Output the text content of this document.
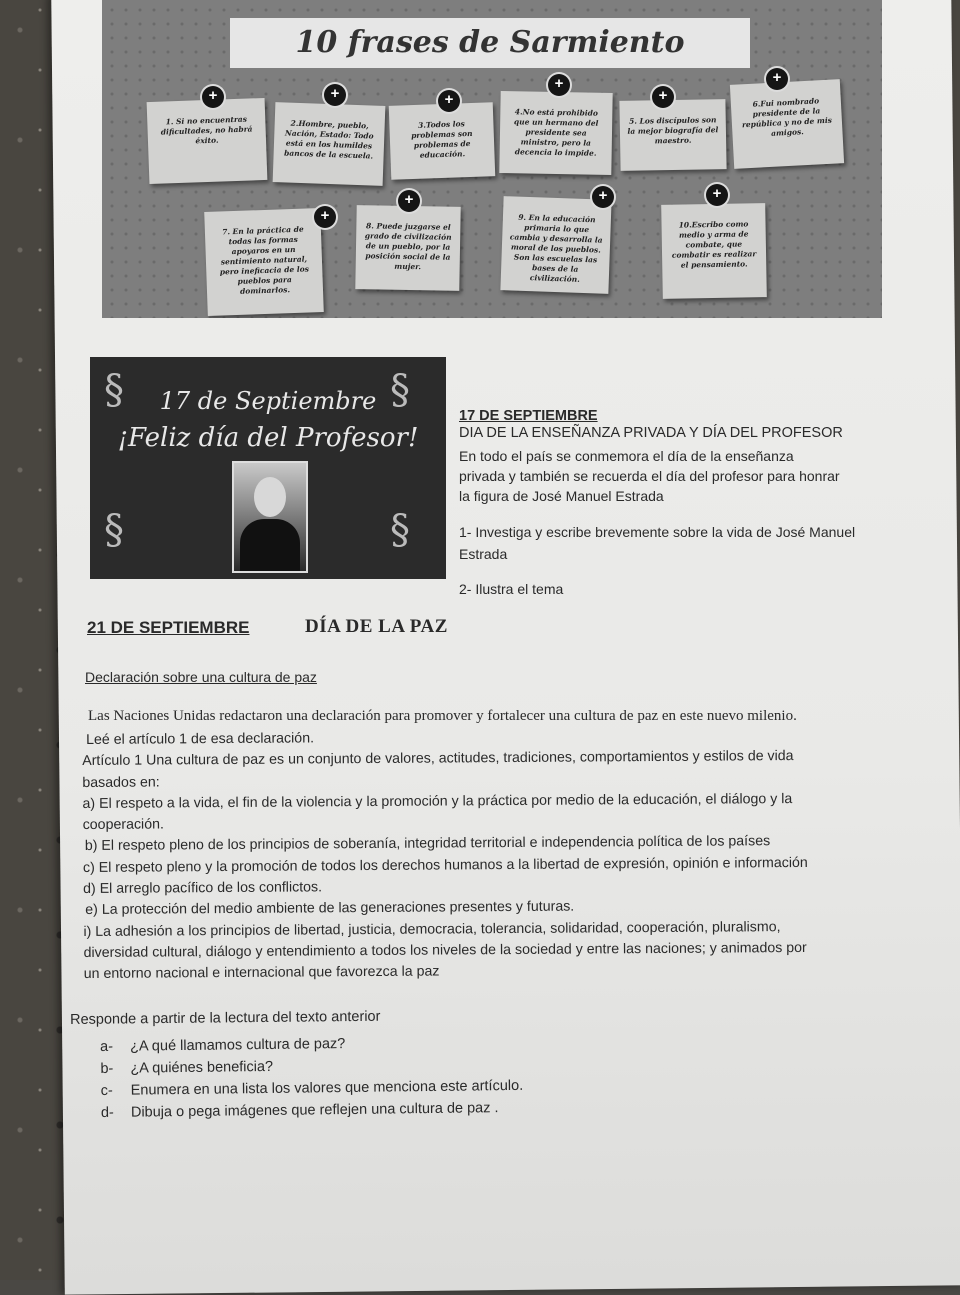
10 frases de Sarmiento
1. Si no encuentras dificultades, no habrá éxito.
+
2.Hombre, pueblo, Nación, Estado: Todo está en los humildes bancos de la escuela.
+
3.Todos los problemas son problemas de educación.
+
4.No está prohibido que un hermano del presidente sea ministro, pero la decencia lo impide.
+
5. Los discípulos son la mejor biografía del maestro.
+	6.Fui nombrado presidente de la república y no de mis amigos.
+
7. En la práctica de todas las formas apoyaros en un sentimiento natural, pero ineficacia de los pueblos para dominarlos.
+
8. Puede juzgarse el grado de civilización de un pueblo, por la posición social de la mujer.
+
9. En la educación primaria lo que cambia y desarrolla la moral de los pueblos. Son las escuelas las bases de la civilización.
+
10.Escribo como medio y arma de combate, que combatir es realizar el pensamiento.
+
§	§
§	§
17 de Septiembre
¡Feliz día del Profesor!
17 DE SEPTIEMBRE
DIA DE LA ENSEÑANZA PRIVADA Y DÍA DEL PROFESOR
En todo el país se conmemora el día de la enseñanza
privada y también se recuerda el día del profesor para honrar
la figura de José Manuel Estrada
1- Investiga y escribe brevemente sobre la vida de José Manuel
Estrada
2- Ilustra el tema
21 DE SEPTIEMBRE	DÍA DE LA PAZ
Declaración sobre una cultura de paz
Las Naciones Unidas redactaron una declaración para promover y fortalecer una cultura de paz en este nuevo milenio.
Leé el artículo 1 de esa declaración.
Artículo 1 Una cultura de paz es un conjunto de valores, actitudes, tradiciones, comportamientos y estilos de vida
basados en:
a) El respeto a la vida, el fin de la violencia y la promoción y la práctica por medio de la educación, el diálogo y la
cooperación.
b) El respeto pleno de los principios de soberanía, integridad territorial e independencia política de los países
c) El respeto pleno y la promoción de todos los derechos humanos a la libertad de expresión, opinión e información
d) El arreglo pacífico de los conflictos.
e) La protección del medio ambiente de las generaciones presentes y futuras.
i) La adhesión a los principios de libertad, justicia, democracia, tolerancia, solidaridad, cooperación, pluralismo,
diversidad cultural, diálogo y entendimiento a todos los niveles de la sociedad y entre las naciones; y animados por
un entorno nacional e internacional que favorezca la paz
Responde a partir de la lectura del texto anterior
a- ¿A qué llamamos cultura de paz?
b- ¿A quiénes beneficia?
c- Enumera en una lista los valores que menciona este artículo.
d- Dibuja o pega imágenes que reflejen una cultura de paz .
